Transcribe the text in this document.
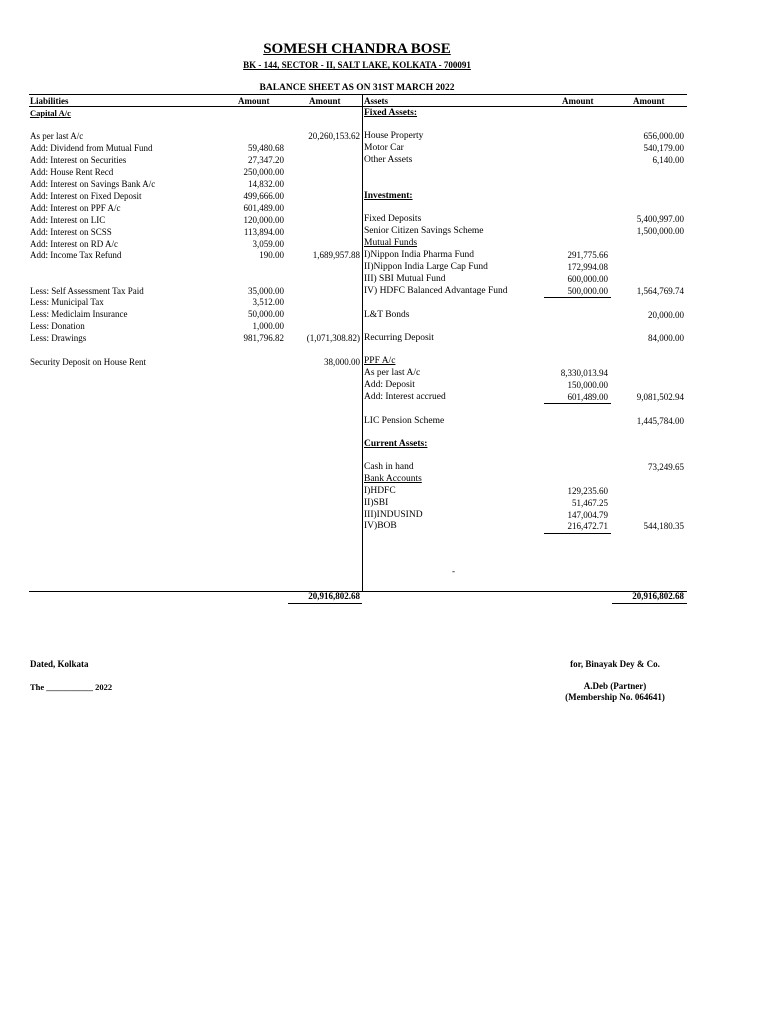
SOMESH CHANDRA BOSE
BK - 144, SECTOR - II, SALT LAKE, KOLKATA - 700091
BALANCE SHEET AS ON 31ST MARCH 2022
Liabilities	Amount	Amount	Assets	Amount	Amount
Capital A/c
As per last A/c	20,260,153.62
Add: Dividend from Mutual Fund	59,480.68
Add: Interest on Securities	27,347.20
Add: House Rent Recd	250,000.00
Add: Interest on Savings Bank A/c	14,832.00
Add: Interest on Fixed Deposit	499,666.00
Add: Interest on PPF A/c	601,489.00
Add: Interest on LIC	120,000.00
Add: Interest on SCSS	113,894.00
Add: Interest on RD A/c	3,059.00
Add: Income Tax Refund	190.00	1,689,957.88
Less: Self Assessment Tax Paid	35,000.00
Less: Municipal Tax	3,512.00
Less: Mediclaim Insurance	50,000.00
Less: Donation	1,000.00
Less: Drawings	981,796.82	(1,071,308.82)
Security Deposit on House Rent	38,000.00
Fixed Assets:
House Property	656,000.00
Motor Car	540,179.00
Other Assets	6,140.00
Investment:
Fixed Deposits	5,400,997.00
Senior Citizen Savings Scheme	1,500,000.00
Mutual Funds
I)Nippon India Pharma Fund	291,775.66
II)Nippon India Large Cap Fund	172,994.08
III) SBI Mutual Fund	600,000.00
IV) HDFC Balanced Advantage Fund	500,000.00	1,564,769.74
L&T Bonds	20,000.00
Recurring Deposit	84,000.00
PPF A/c
As per last A/c	8,330,013.94
Add: Deposit	150,000.00
Add: Interest accrued	601,489.00	9,081,502.94
LIC Pension Scheme	1,445,784.00
Current Assets:
Cash in hand	73,249.65
Bank Accounts
I)HDFC	129,235.60
II)SBI	51,467.25
III)INDUSIND	147,004.79
IV)BOB	216,472.71	544,180.35
-
20,916,802.68	20,916,802.68
Dated, Kolkata
The ___________ 2022
for, Binayak Dey & Co.
A.Deb (Partner)
(Membership No. 064641)
